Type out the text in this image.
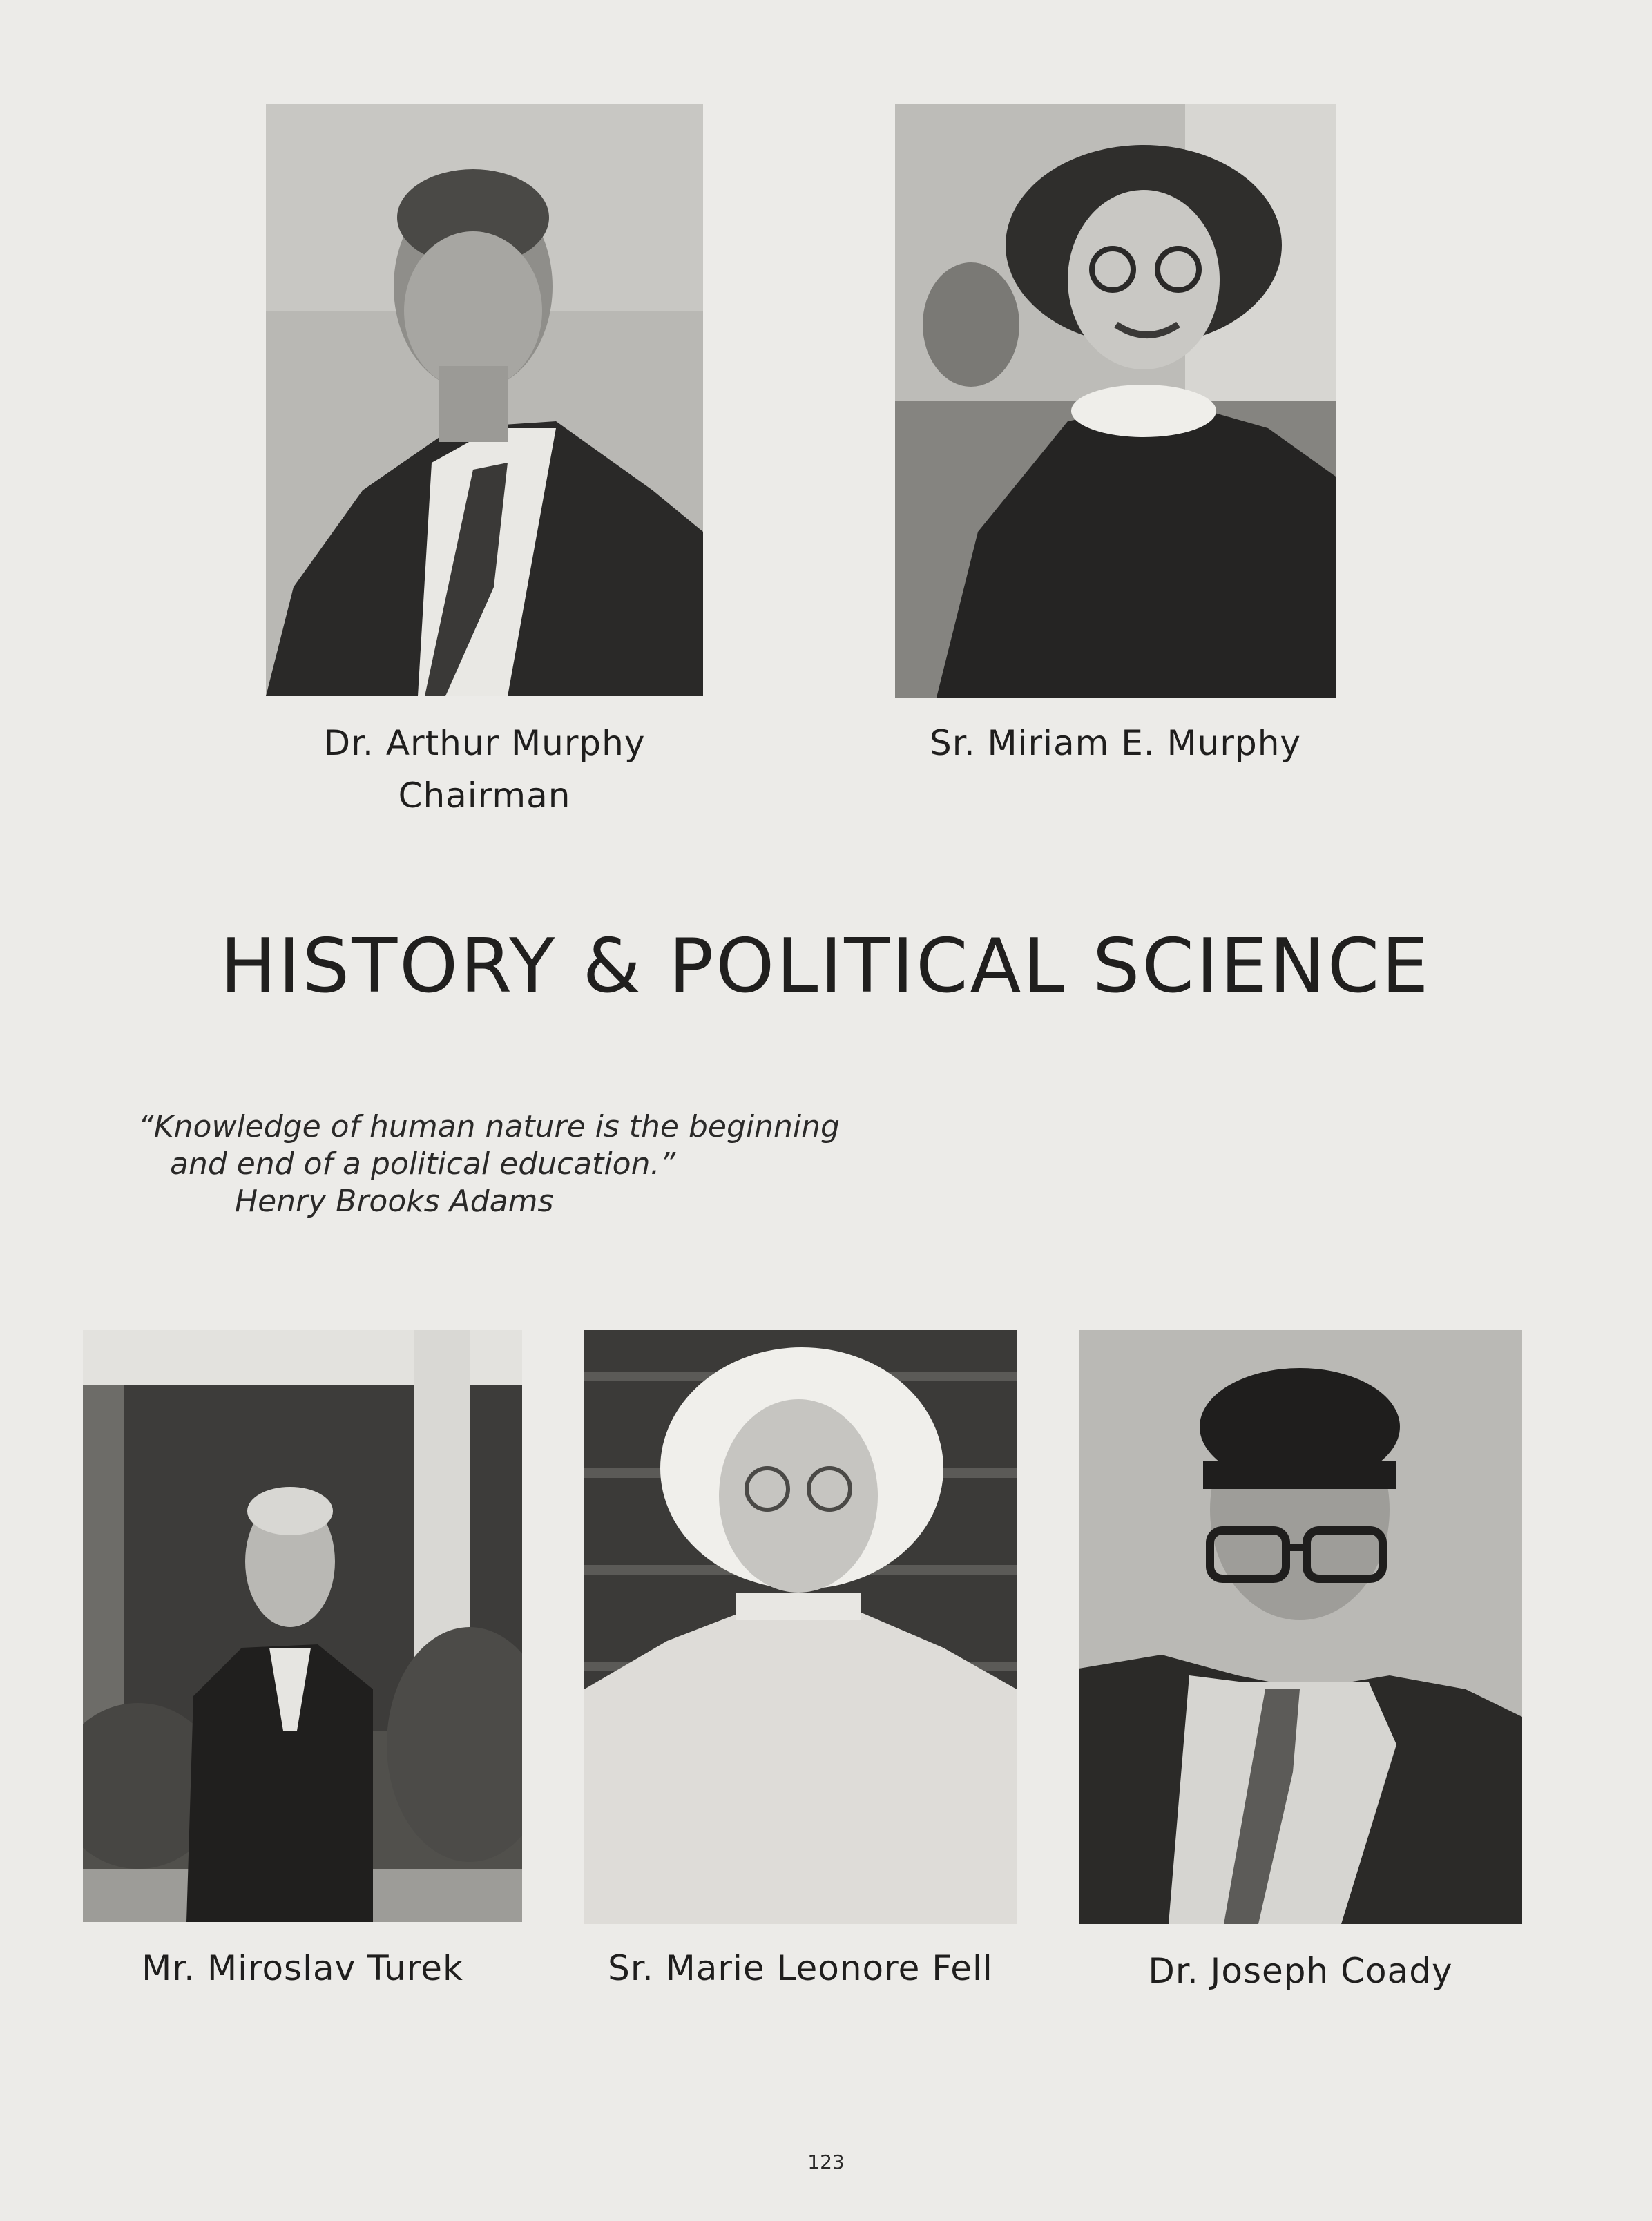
Dr. Arthur Murphy
Chairman
Sr. Miriam E. Murphy
HISTORY & POLITICAL SCIENCE
“Knowledge of human nature is the beginning
and end of a political education.”
Henry Brooks Adams
Mr. Miroslav Turek	Sr. Marie Leonore Fell	Dr. Joseph Coady
123
